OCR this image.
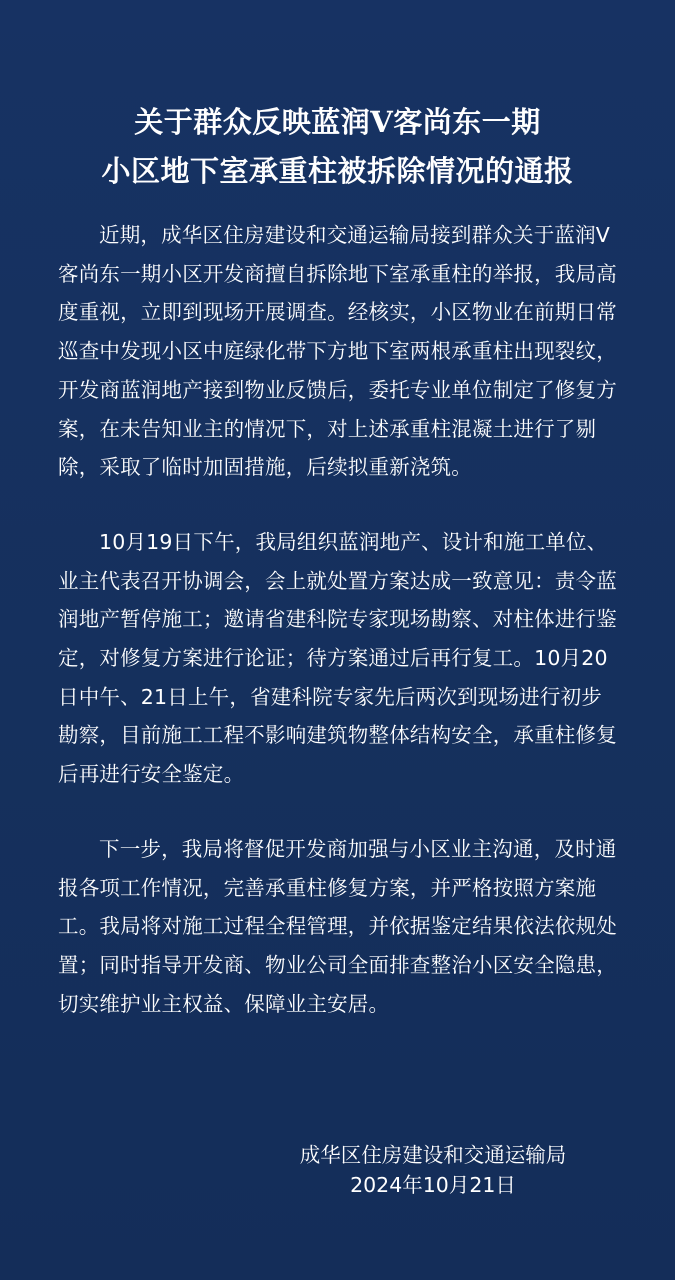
关于群众反映蓝润V客尚东一期
小区地下室承重柱被拆除情况的通报

近期，成华区住房建设和交通运输局接到群众关于蓝润V客尚东一期小区开发商擅自拆除地下室承重柱的举报，我局高度重视，立即到现场开展调查。经核实，小区物业在前期日常巡查中发现小区中庭绿化带下方地下室两根承重柱出现裂纹，开发商蓝润地产接到物业反馈后，委托专业单位制定了修复方案，在未告知业主的情况下，对上述承重柱混凝土进行了剔除，采取了临时加固措施，后续拟重新浇筑。

10月19日下午，我局组织蓝润地产、设计和施工单位、业主代表召开协调会，会上就处置方案达成一致意见：责令蓝润地产暂停施工；邀请省建科院专家现场勘察、对柱体进行鉴定，对修复方案进行论证；待方案通过后再行复工。10月20日中午、21日上午，省建科院专家先后两次到现场进行初步勘察，目前施工工程不影响建筑物整体结构安全，承重柱修复后再进行安全鉴定。

下一步，我局将督促开发商加强与小区业主沟通，及时通报各项工作情况，完善承重柱修复方案，并严格按照方案施工。我局将对施工过程全程管理，并依据鉴定结果依法依规处置；同时指导开发商、物业公司全面排查整治小区安全隐患，切实维护业主权益、保障业主安居。

成华区住房建设和交通运输局
2024年10月21日
